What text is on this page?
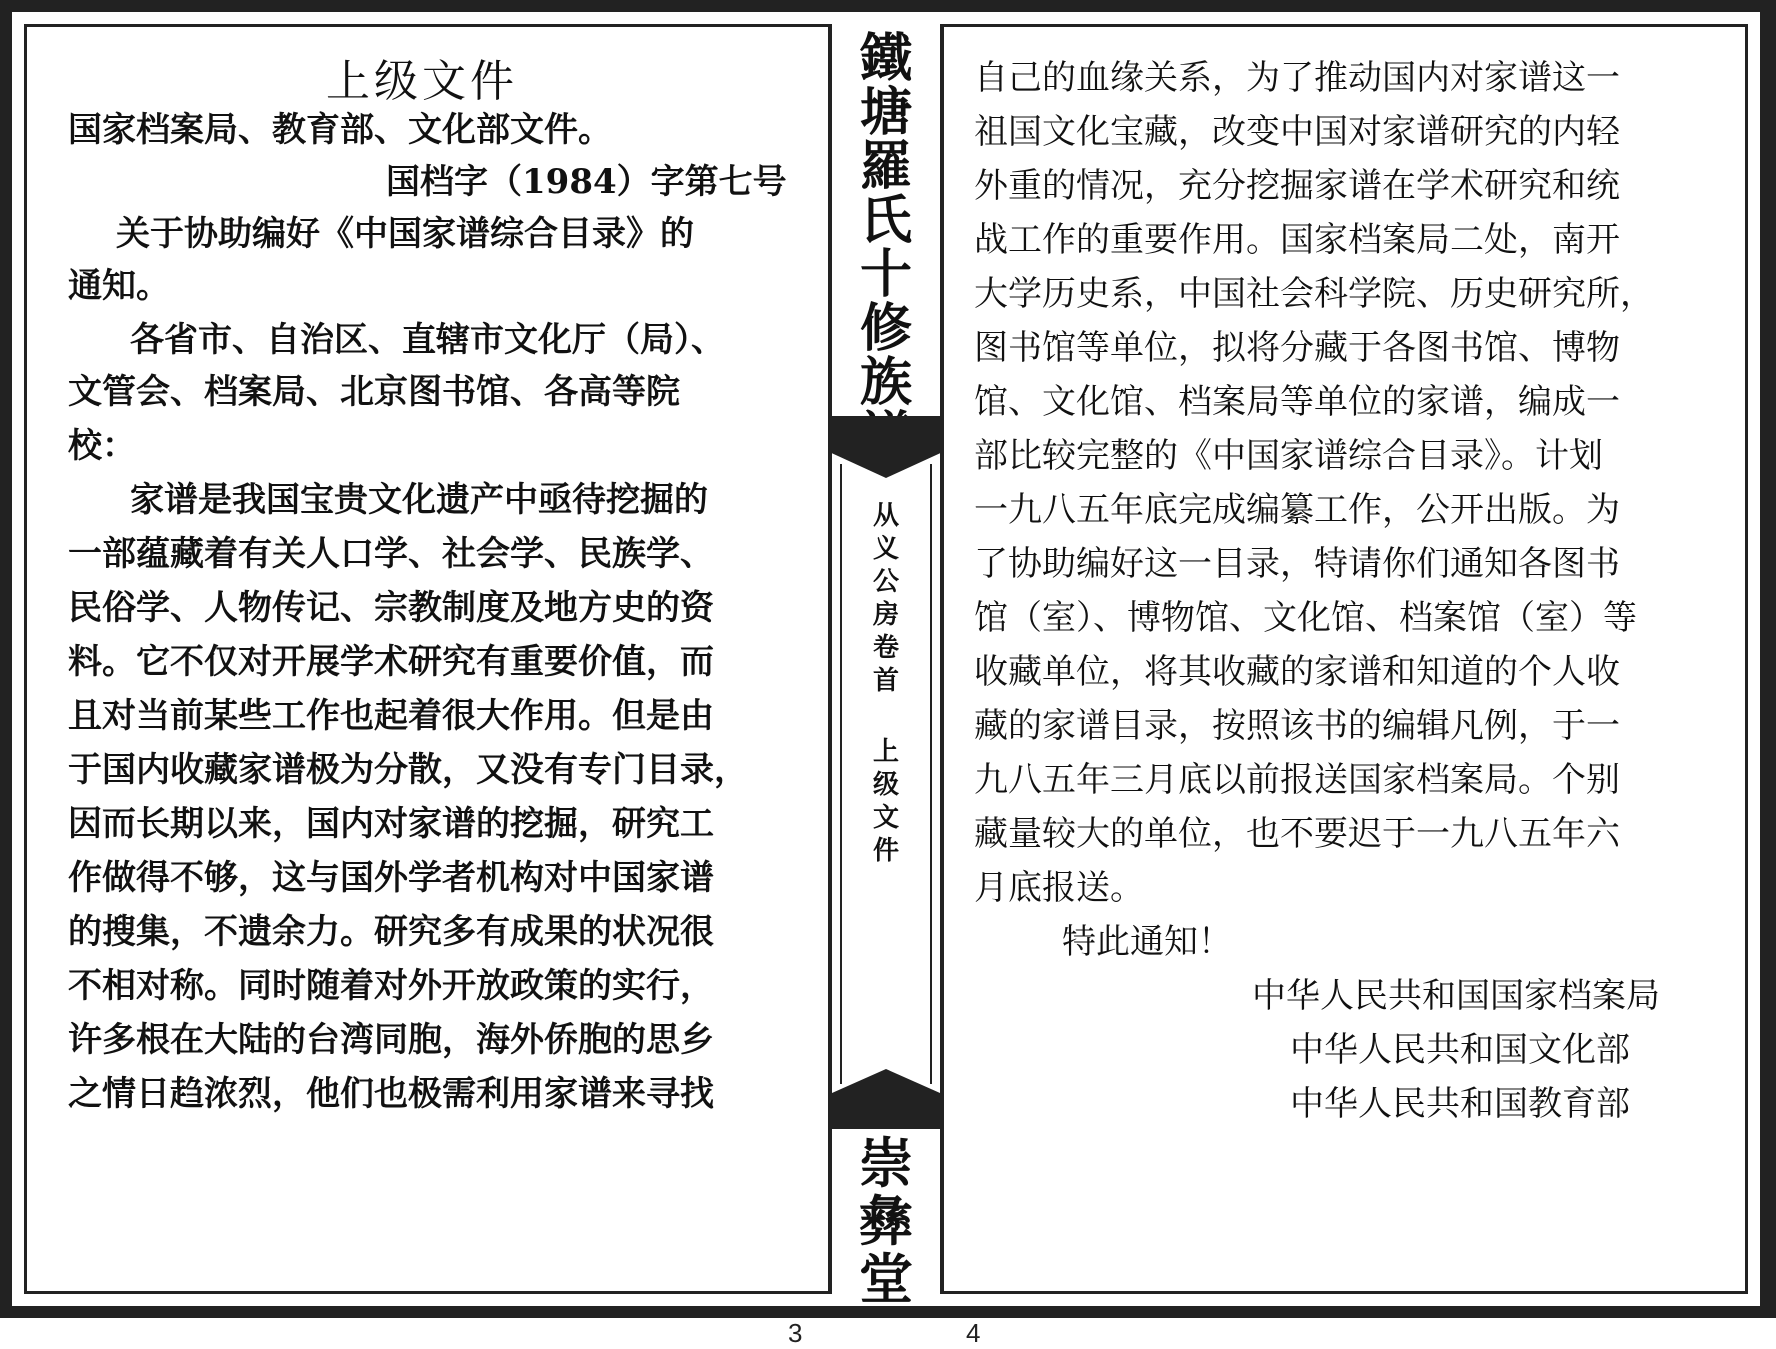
上级文件
国家档案局、教育部、文化部文件。
国档字（1984）字第七号
关于协助编好《中国家谱综合目录》的
通知。
各省市、自治区、直辖市文化厅（局）、
文管会、档案局、北京图书馆、各高等院
校：
家谱是我国宝贵文化遗产中亟待挖掘的
一部蕴藏着有关人口学、社会学、民族学、
民俗学、人物传记、宗教制度及地方史的资
料。它不仅对开展学术研究有重要价值，而
且对当前某些工作也起着很大作用。但是由
于国内收藏家谱极为分散，又没有专门目录，
因而长期以来，国内对家谱的挖掘，研究工
作做得不够，这与国外学者机构对中国家谱
的搜集，不遗余力。研究多有成果的状况很
不相对称。同时随着对外开放政策的实行，
许多根在大陆的台湾同胞，海外侨胞的思乡
之情日趋浓烈，他们也极需利用家谱来寻找
鐵
塘
羅
氏
十
修
族
从
义
公
房
卷
首
上
级
文
件
崇
彝
堂
自己的血缘关系，为了推动国内对家谱这一
祖国文化宝藏，改变中国对家谱研究的内轻
外重的情况，充分挖掘家谱在学术研究和统
战工作的重要作用。国家档案局二处，南开
大学历史系，中国社会科学院、历史研究所，
图书馆等单位，拟将分藏于各图书馆、博物
馆、文化馆、档案局等单位的家谱，编成一
部比较完整的《中国家谱综合目录》。计划
一九八五年底完成编纂工作，公开出版。为
了协助编好这一目录，特请你们通知各图书
馆（室）、博物馆、文化馆、档案馆（室）等
收藏单位，将其收藏的家谱和知道的个人收
藏的家谱目录，按照该书的编辑凡例，于一
九八五年三月底以前报送国家档案局。个别
藏量较大的单位，也不要迟于一九八五年六
月底报送。
特此通知！
中华人民共和国国家档案局
中华人民共和国文化部
中华人民共和国教育部
3	4
